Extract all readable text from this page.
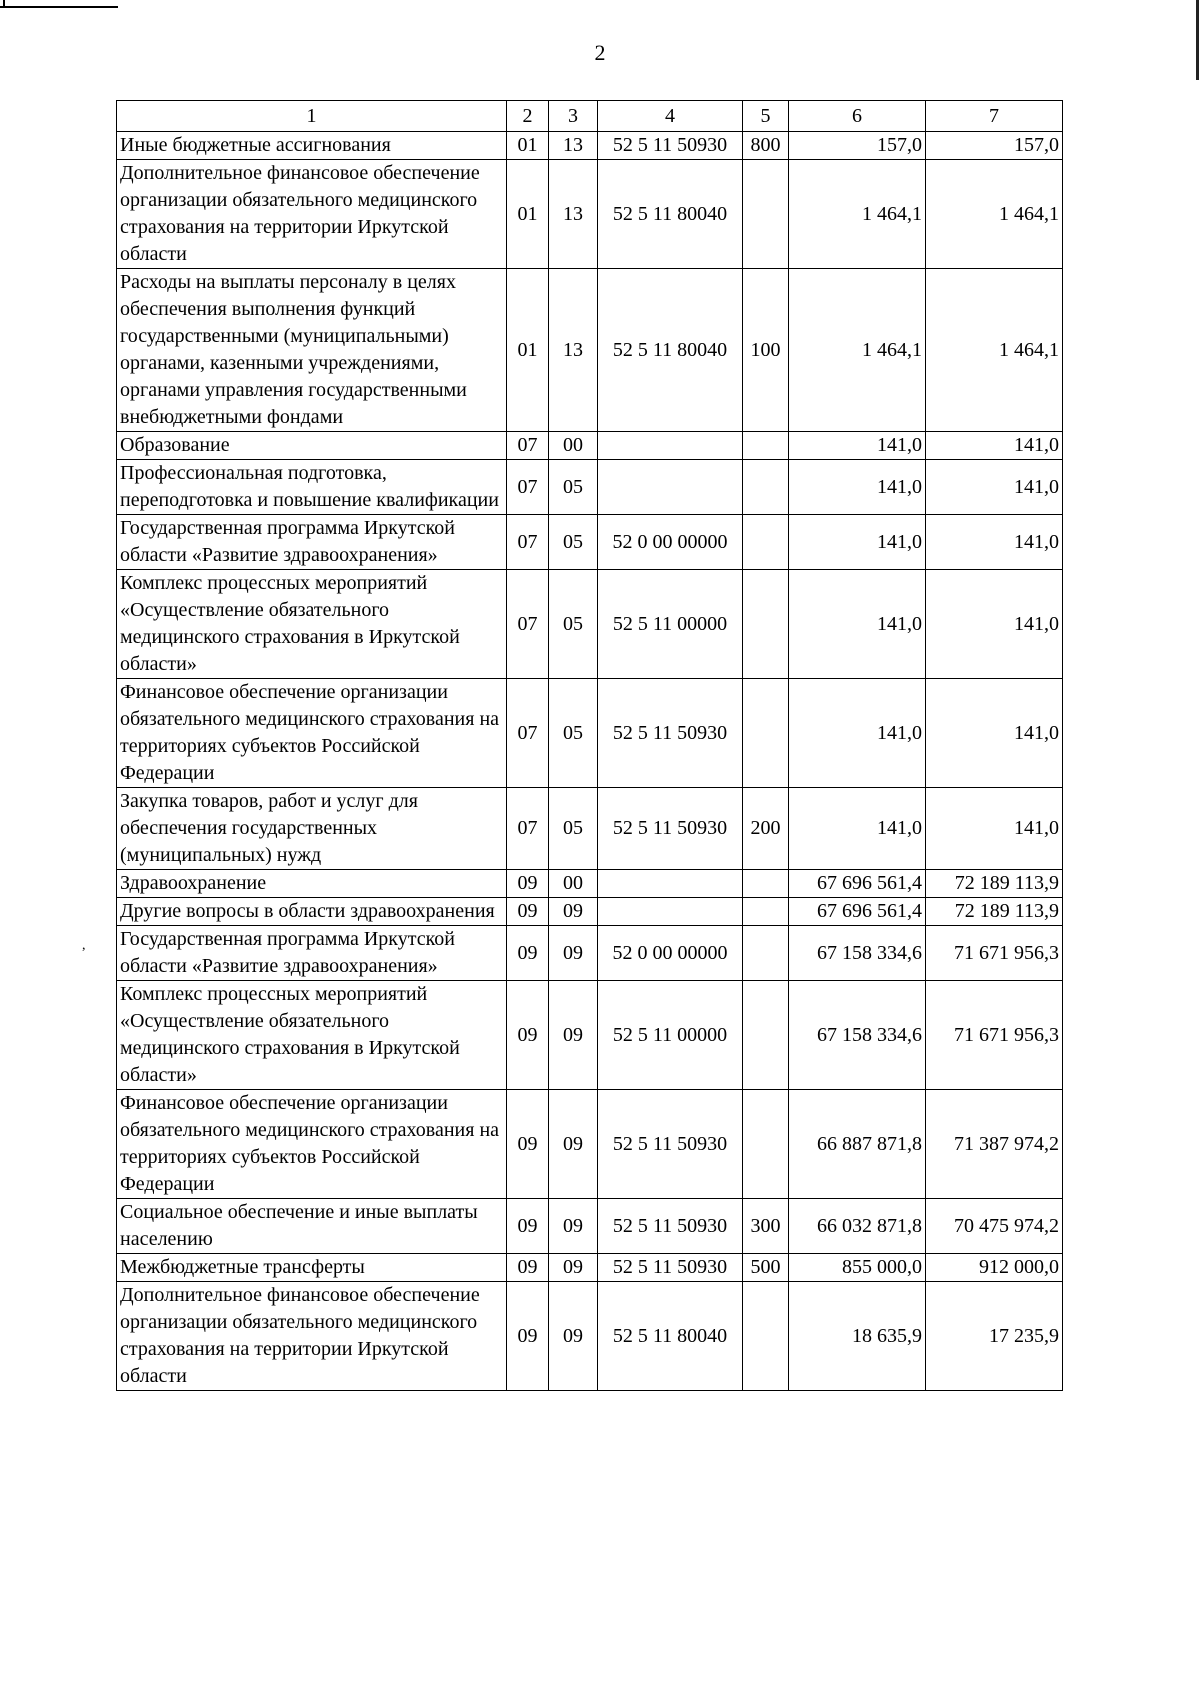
,
2
1	2	3	4	5	6	7
Иные бюджетные ассигнования	01	13	52 5 11 50930	800	157,0	157,0
Дополнительное финансовое обеспечение организации обязательного медицинского страхования на территории Иркутской области	01	13	52 5 11 80040		1 464,1	1 464,1
Расходы на выплаты персоналу в целях обеспечения выполнения функций государственными (муниципальными) органами, казенными учреждениями, органами управления государственными внебюджетными фондами	01	13	52 5 11 80040	100	1 464,1	1 464,1
Образование	07	00			141,0	141,0
Профессиональная подготовка, переподготовка и повышение квалификации	07	05			141,0	141,0
Государственная программа Иркутской области «Развитие здравоохранения»	07	05	52 0 00 00000		141,0	141,0
Комплекс процессных мероприятий «Осуществление обязательного медицинского страхования в Иркутской области»	07	05	52 5 11 00000		141,0	141,0
Финансовое обеспечение организации обязательного медицинского страхования на территориях субъектов Российской Федерации	07	05	52 5 11 50930		141,0	141,0
Закупка товаров, работ и услуг для обеспечения государственных (муниципальных) нужд	07	05	52 5 11 50930	200	141,0	141,0
Здравоохранение	09	00			67 696 561,4	72 189 113,9
Другие вопросы в области здравоохранения	09	09			67 696 561,4	72 189 113,9
Государственная программа Иркутской области «Развитие здравоохранения»	09	09	52 0 00 00000		67 158 334,6	71 671 956,3
Комплекс процессных мероприятий «Осуществление обязательного медицинского страхования в Иркутской области»	09	09	52 5 11 00000		67 158 334,6	71 671 956,3
Финансовое обеспечение организации обязательного медицинского страхования на территориях субъектов Российской Федерации	09	09	52 5 11 50930		66 887 871,8	71 387 974,2
Социальное обеспечение и иные выплаты населению	09	09	52 5 11 50930	300	66 032 871,8	70 475 974,2
Межбюджетные трансферты	09	09	52 5 11 50930	500	855 000,0	912 000,0
Дополнительное финансовое обеспечение организации обязательного медицинского страхования на территории Иркутской области	09	09	52 5 11 80040		18 635,9	17 235,9
